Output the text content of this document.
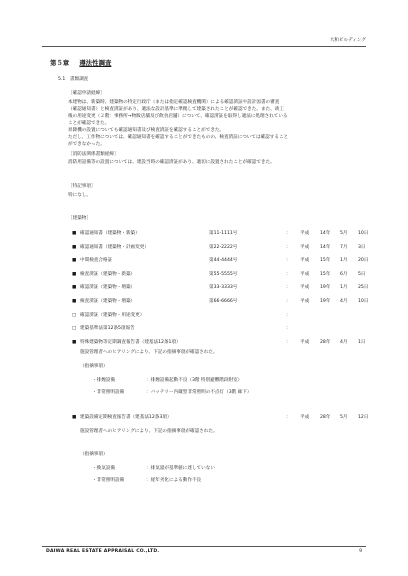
大和ビルディング
第５章 遵法性調査
5.1　書類調査
［確認申請経緯］
本建物は、新築時、建築物の特定行政庁（または指定確認検査機関）による確認済証や設計図書の審査
（確認通知書）と検査済証があり、適法な設計基準に準拠して建築されたことが確認できた。また、竣工
後の用途変更（２階：事務所→物販店舗及び飲食店舗）について、確認済証を取得し適法に処理されている
ことが確認できた。
昇降機の設置についても確認通知書及び検査済証を確認することができた。
ただし、工作物については、確認通知書を確認することができたものの、検査済証については確認すること
ができなかった。
［消防法関係書類経緯］
消防用設備等の設置については、建設当時の確認済証があり、適切に設置されたことが確認できた。
［特記事項］
特になし。
［建築物］
■ 確認通知書（建築物・新築）	第11-1111号	： 平成 14年 5月 10日
■ 確認通知書（建築物・計画変更）	第22-2222号	： 平成 14年 7月 3日
■ 中間検査合格証	第44-4444号	： 平成 15年 1月 20日
■ 検査済証（建築物・新築）	第55-5555号	： 平成 15年 6月 5日
■ 確認済証（建築物・増築）	第33-3333号	： 平成 19年 1月 25日
■ 検査済証（建築物・増築）	第66-6666号	： 平成 19年 4月 10日
□ 確認済証（建築物・用途変更）	：
□ 建築基準法第12条5項報告	：
■ 特殊建築物等定期調査報告書（建基法12条1項）	： 平成 28年 4月 1日
施設管理者へのヒアリングにより、下記の指摘事項が確認された。
（指摘事項）
・排煙設備	：排煙設備起動不良（3階 特別避難階段附室）
・非常照明設備	：バッテリー内蔵型非常照明の不点灯（3階 廊下）
■ 建築設備定期検査報告書（建基法12条3項）	： 平成 28年 5月 12日
施設管理者へのヒアリングにより、下記の指摘事項が確認された。
（指摘事項）
・換気設備	：排気量が基準値に達していない
・非常照明設備	：経年劣化による動作不良
DAIWA REAL ESTATE APPRAISAL CO.,LTD.	9
